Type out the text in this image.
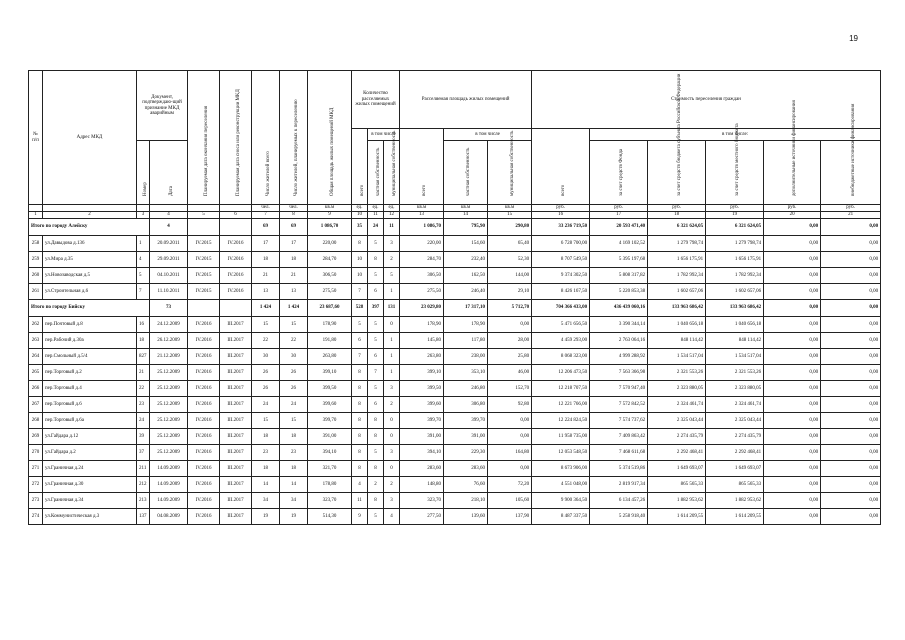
19
№ п/п	Адрес МКД	Документ, подтверждаю-щий признание МКД аварийным		Планируемая дата окончания переселения	Планируемая дата сноса или реконструкции МКД	Число жителей всего	Число жителей, планируемых к переселению	Общая площадь жилых помещений МКД	Количество расселяемых жилых помещений			Расселяемая площадь жилых помещений			Стоимость переселения граждан					

									всего	в том числе		всего	в том числе		всего	в том числе:				

		Номер	Дата							частная собственность	муниципальная собственность		частная собственность	муниципальная собственность		за счет средств Фонда	за счет средств бюджета субъекта Российской Федерации	за счет средств местного бюджета	дополнительные источники финансирования	внебюджетные источники финансирования

						чел.	чел.	кв.м	ед.	ед.	ед.	кв.м	кв.м	кв.м	руб.	руб.	руб.	руб.	руб.	руб.
1	2	3	4	5	6	7	8	9	10	11	12	13	14	15	16	17	18	19	20	21
Итого по городу Алейску			4			69	69	1 086,70	35	24	11	1 086,70	795,90	290,80	33 236 719,50	20 593 471,40	6 321 624,05	6 321 624,05	0,00	0,00
258	ул.Давыдова д.136	1	20.09.2011	IV.2015	IV.2016	17	17	220,00	8	5	3	220,00	154,60	65,40	6 728 700,00	4 169 102,52	1 279 798,74	1 279 798,74	0,00	0,00
259	ул.Мира д.35	4	29.09.2011	IV.2015	IV.2016	18	18	284,70	10	8	2	284,70	232,40	52,30	8 707 549,50	5 395 197,68	1 656 175,91	1 656 175,91	0,00	0,00
260	ул.Новозаводская д.5	5	04.10.2011	IV.2015	IV.2016	21	21	306,50	10	5	5	306,50	162,50	144,00	9 374 302,50	5 808 317,82	1 782 992,34	1 782 992,34	0,00	0,00
261	ул.Строительная д.6	7	11.10.2011	IV.2015	IV.2016	13	13	275,50	7	6	1	275,50	246,40	29,10	8 426 167,50	5 220 853,38	1 602 657,06	1 602 657,06	0,00	0,00
Итого по городу Бийску			73			1 424	1 424	23 687,60	528	397	131	23 029,80	17 317,10	5 712,70	704 366 433,00	436 439 060,16	133 963 686,42	133 963 686,42	0,00	0,00
262	пер.Почтовый д.8	16	24.12.2009	IV.2016	III.2017	15	15	178,90	5	5	0	178,90	178,90	0,00	5 471 656,50	3 390 344,14	1 040 656,18	1 040 656,18	0,00	0,00
263	пер.Рабочий д.30а	18	26.12.2009	IV.2016	III.2017	22	22	191,80	6	5	1	145,80	117,80	28,00	4 459 293,00	2 763 064,16	848 114,42	848 114,42	0,00	0,00
264	пер.Смольный д.5/4	827	21.12.2009	IV.2016	III.2017	30	30	263,80	7	6	1	263,80	238,00	25,80	8 068 323,00	4 999 288,92	1 534 517,04	1 534 517,04	0,00	0,00
265	пер.Торговый д.2	21	25.12.2009	IV.2016	III.2017	26	26	399,10	8	7	1	399,10	353,10	46,00	12 206 473,50	7 563 366,98	2 321 553,26	2 321 553,26	0,00	0,00
266	пер.Торговый д.4	22	25.12.2009	IV.2016	III.2017	26	26	399,50	8	5	3	399,50	246,80	152,70	12 218 707,50	7 570 947,40	2 323 880,05	2 323 880,05	0,00	0,00
267	пер.Торговый д.6	23	25.12.2009	IV.2016	III.2017	24	24	399,60	8	6	2	399,60	306,80	92,80	12 221 766,00	7 572 842,52	2 324 461,74	2 324 461,74	0,00	0,00
268	пер.Торговый д.6а	24	25.12.2009	IV.2016	III.2017	15	15	399,70	8	8	0	399,70	399,70	0,00	12 224 824,50	7 574 737,62	2 325 043,44	2 325 043,44	0,00	0,00
269	ул.Гайдара д.12	39	25.12.2009	IV.2016	III.2017	18	18	391,00	8	8	0	391,00	391,00	0,00	11 958 735,00	7 409 863,42	2 274 435,79	2 274 435,79	0,00	0,00
270	ул.Гайдара д.2	37	25.12.2009	IV.2016	III.2017	23	23	394,10	8	5	3	394,10	229,30	164,80	12 053 548,50	7 468 611,68	2 292 468,41	2 292 468,41	0,00	0,00
271	ул.Граничная д.24	211	14.09.2009	IV.2016	III.2017	18	18	321,70	8	8	0	283,60	283,60	0,00	8 673 906,00	5 374 519,86	1 649 693,07	1 649 693,07	0,00	0,00
272	ул.Граничная д.30	212	14.09.2009	IV.2016	III.2017	14	14	178,80	4	2	2	148,80	76,60	72,20	4 551 048,00	2 819 917,34	865 565,33	865 565,33	0,00	0,00
273	ул.Граничная д.34	213	14.09.2009	IV.2016	III.2017	34	34	323,70	11	8	3	323,70	218,10	105,60	9 900 364,50	6 134 457,26	1 882 953,62	1 882 953,62	0,00	0,00
274	ул.Коммунистическая д.3	137	04.08.2009	IV.2016	III.2017	19	19	514,30	9	5	4	277,50	139,60	137,90	8 487 337,50	5 258 918,40	1 614 209,55	1 614 209,55	0,00	0,00
